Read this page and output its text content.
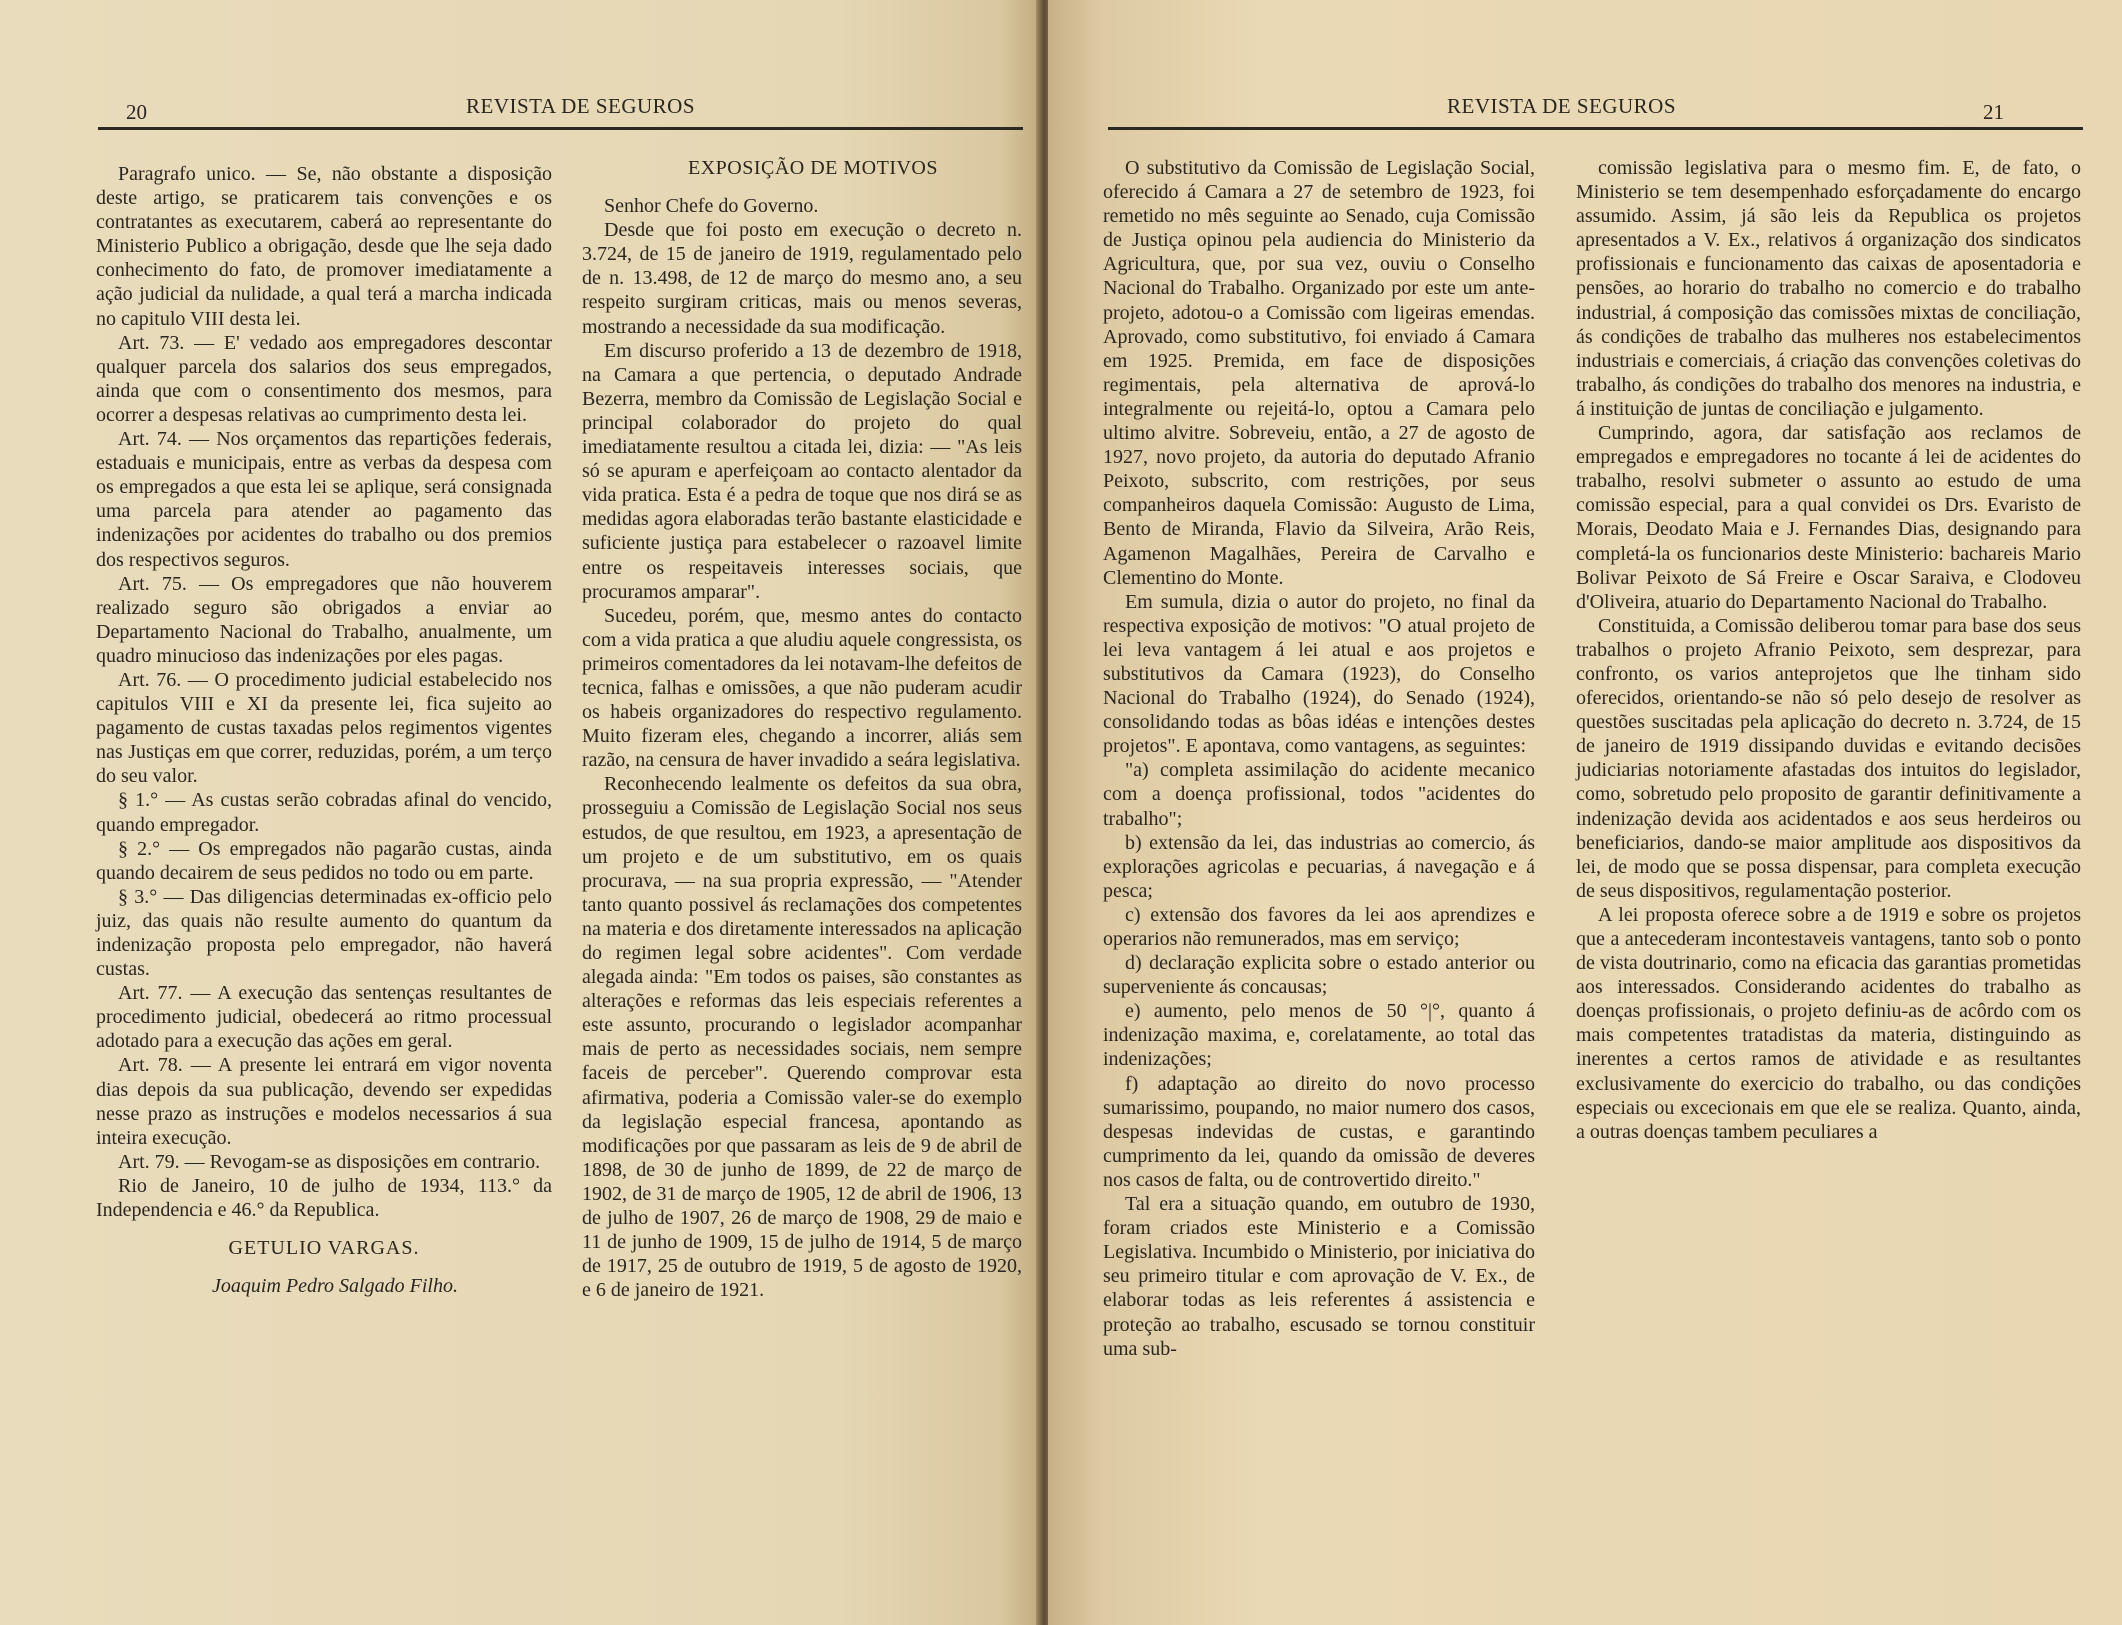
20	REVISTA DE SEGUROS

Paragrafo unico. — Se, não obstante a disposição deste artigo, se praticarem tais convenções e os contratantes as executarem, caberá ao representante do Ministerio Publico a obrigação, desde que lhe seja dado conhecimento do fato, de promover imediatamente a ação judicial da nulidade, a qual terá a marcha indicada no capitulo VIII desta lei.

Art. 73. — E' vedado aos empregadores descontar qualquer parcela dos salarios dos seus empregados, ainda que com o consentimento dos mesmos, para ocorrer a despesas relativas ao cumprimento desta lei.

Art. 74. — Nos orçamentos das repartições federais, estaduais e municipais, entre as verbas da despesa com os empregados a que esta lei se aplique, será consignada uma parcela para atender ao pagamento das indenizações por acidentes do trabalho ou dos premios dos respectivos seguros.

Art. 75. — Os empregadores que não houverem realizado seguro são obrigados a enviar ao Departamento Nacional do Trabalho, anualmente, um quadro minucioso das indenizações por eles pagas.

Art. 76. — O procedimento judicial estabelecido nos capitulos VIII e XI da presente lei, fica sujeito ao pagamento de custas taxadas pelos regimentos vigentes nas Justiças em que correr, reduzidas, porém, a um terço do seu valor.

§ 1.° — As custas serão cobradas afinal do vencido, quando empregador.

§ 2.° — Os empregados não pagarão custas, ainda quando decairem de seus pedidos no todo ou em parte.

§ 3.° — Das diligencias determinadas ex-officio pelo juiz, das quais não resulte aumento do quantum da indenização proposta pelo empregador, não haverá custas.

Art. 77. — A execução das sentenças resultantes de procedimento judicial, obedecerá ao ritmo processual adotado para a execução das ações em geral.

Art. 78. — A presente lei entrará em vigor noventa dias depois da sua publicação, devendo ser expedidas nesse prazo as instruções e modelos necessarios á sua inteira execução.

Art. 79. — Revogam-se as disposições em contrario.

Rio de Janeiro, 10 de julho de 1934, 113.° da Independencia e 46.° da Republica.

GETULIO VARGAS.

Joaquim Pedro Salgado Filho.

EXPOSIÇÃO DE MOTIVOS

Senhor Chefe do Governo.

Desde que foi posto em execução o decreto n. 3.724, de 15 de janeiro de 1919, regulamentado pelo de n. 13.498, de 12 de março do mesmo ano, a seu respeito surgiram criticas, mais ou menos severas, mostrando a necessidade da sua modificação.

Em discurso proferido a 13 de dezembro de 1918, na Camara a que pertencia, o deputado Andrade Bezerra, membro da Comissão de Legislação Social e principal colaborador do projeto do qual imediatamente resultou a citada lei, dizia: — "As leis só se apuram e aperfeiçoam ao contacto alentador da vida pratica. Esta é a pedra de toque que nos dirá se as medidas agora elaboradas terão bastante elasticidade e suficiente justiça para estabelecer o razoavel limite entre os respeitaveis interesses sociais, que procuramos amparar".

Sucedeu, porém, que, mesmo antes do contacto com a vida pratica a que aludiu aquele congressista, os primeiros comentadores da lei notavam-lhe defeitos de tecnica, falhas e omissões, a que não puderam acudir os habeis organizadores do respectivo regulamento. Muito fizeram eles, chegando a incorrer, aliás sem razão, na censura de haver invadido a seára legislativa.

Reconhecendo lealmente os defeitos da sua obra, prosseguiu a Comissão de Legislação Social nos seus estudos, de que resultou, em 1923, a apresentação de um projeto e de um substitutivo, em os quais procurava, — na sua propria expressão, — "Atender tanto quanto possivel ás reclamações dos competentes na materia e dos diretamente interessados na aplicação do regimen legal sobre acidentes". Com verdade alegada ainda: "Em todos os paises, são constantes as alterações e reformas das leis especiais referentes a este assunto, procurando o legislador acompanhar mais de perto as necessidades sociais, nem sempre faceis de perceber". Querendo comprovar esta afirmativa, poderia a Comissão valer-se do exemplo da legislação especial francesa, apontando as modificações por que passaram as leis de 9 de abril de 1898, de 30 de junho de 1899, de 22 de março de 1902, de 31 de março de 1905, 12 de abril de 1906, 13 de julho de 1907, 26 de março de 1908, 29 de maio e 11 de junho de 1909, 15 de julho de 1914, 5 de março de 1917, 25 de outubro de 1919, 5 de agosto de 1920, e 6 de janeiro de 1921.

REVISTA DE SEGUROS	21

O substitutivo da Comissão de Legislação Social, oferecido á Camara a 27 de setembro de 1923, foi remetido no mês seguinte ao Senado, cuja Comissão de Justiça opinou pela audiencia do Ministerio da Agricultura, que, por sua vez, ouviu o Conselho Nacional do Trabalho. Organizado por este um ante-projeto, adotou-o a Comissão com ligeiras emendas. Aprovado, como substitutivo, foi enviado á Camara em 1925. Premida, em face de disposições regimentais, pela alternativa de aprová-lo integralmente ou rejeitá-lo, optou a Camara pelo ultimo alvitre. Sobreveiu, então, a 27 de agosto de 1927, novo projeto, da autoria do deputado Afranio Peixoto, subscrito, com restrições, por seus companheiros daquela Comissão: Augusto de Lima, Bento de Miranda, Flavio da Silveira, Arão Reis, Agamenon Magalhães, Pereira de Carvalho e Clementino do Monte.

Em sumula, dizia o autor do projeto, no final da respectiva exposição de motivos: "O atual projeto de lei leva vantagem á lei atual e aos projetos e substitutivos da Camara (1923), do Conselho Nacional do Trabalho (1924), do Senado (1924), consolidando todas as bôas idéas e intenções destes projetos". E apontava, como vantagens, as seguintes:

"a) completa assimilação do acidente mecanico com a doença profissional, todos "acidentes do trabalho";

b) extensão da lei, das industrias ao comercio, ás explorações agricolas e pecuarias, á navegação e á pesca;

c) extensão dos favores da lei aos aprendizes e operarios não remunerados, mas em serviço;

d) declaração explicita sobre o estado anterior ou superveniente ás concausas;

e) aumento, pelo menos de 50 °|°, quanto á indenização maxima, e, corelatamente, ao total das indenizações;

f) adaptação ao direito do novo processo sumarissimo, poupando, no maior numero dos casos, despesas indevidas de custas, e garantindo cumprimento da lei, quando da omissão de deveres nos casos de falta, ou de controvertido direito."

Tal era a situação quando, em outubro de 1930, foram criados este Ministerio e a Comissão Legislativa. Incumbido o Ministerio, por iniciativa do seu primeiro titular e com aprovação de V. Ex., de elaborar todas as leis referentes á assistencia e proteção ao trabalho, escusado se tornou constituir uma sub-

comissão legislativa para o mesmo fim. E, de fato, o Ministerio se tem desempenhado esforçadamente do encargo assumido. Assim, já são leis da Republica os projetos apresentados a V. Ex., relativos á organização dos sindicatos profissionais e funcionamento das caixas de aposentadoria e pensões, ao horario do trabalho no comercio e do trabalho industrial, á composição das comissões mixtas de conciliação, ás condições de trabalho das mulheres nos estabelecimentos industriais e comerciais, á criação das convenções coletivas do trabalho, ás condições do trabalho dos menores na industria, e á instituição de juntas de conciliação e julgamento.

Cumprindo, agora, dar satisfação aos reclamos de empregados e empregadores no tocante á lei de acidentes do trabalho, resolvi submeter o assunto ao estudo de uma comissão especial, para a qual convidei os Drs. Evaristo de Morais, Deodato Maia e J. Fernandes Dias, designando para completá-la os funcionarios deste Ministerio: bachareis Mario Bolivar Peixoto de Sá Freire e Oscar Saraiva, e Clodoveu d'Oliveira, atuario do Departamento Nacional do Trabalho.

Constituida, a Comissão deliberou tomar para base dos seus trabalhos o projeto Afranio Peixoto, sem desprezar, para confronto, os varios anteprojetos que lhe tinham sido oferecidos, orientando-se não só pelo desejo de resolver as questões suscitadas pela aplicação do decreto n. 3.724, de 15 de janeiro de 1919 dissipando duvidas e evitando decisões judiciarias notoriamente afastadas dos intuitos do legislador, como, sobretudo pelo proposito de garantir definitivamente a indenização devida aos acidentados e aos seus herdeiros ou beneficiarios, dando-se maior amplitude aos dispositivos da lei, de modo que se possa dispensar, para completa execução de seus dispositivos, regulamentação posterior.

A lei proposta oferece sobre a de 1919 e sobre os projetos que a antecederam incontestaveis vantagens, tanto sob o ponto de vista doutrinario, como na eficacia das garantias prometidas aos interessados. Considerando acidentes do trabalho as doenças profissionais, o projeto definiu-as de acôrdo com os mais competentes tratadistas da materia, distinguindo as inerentes a certos ramos de atividade e as resultantes exclusivamente do exercicio do trabalho, ou das condições especiais ou excecionais em que ele se realiza. Quanto, ainda, a outras doenças tambem peculiares a
